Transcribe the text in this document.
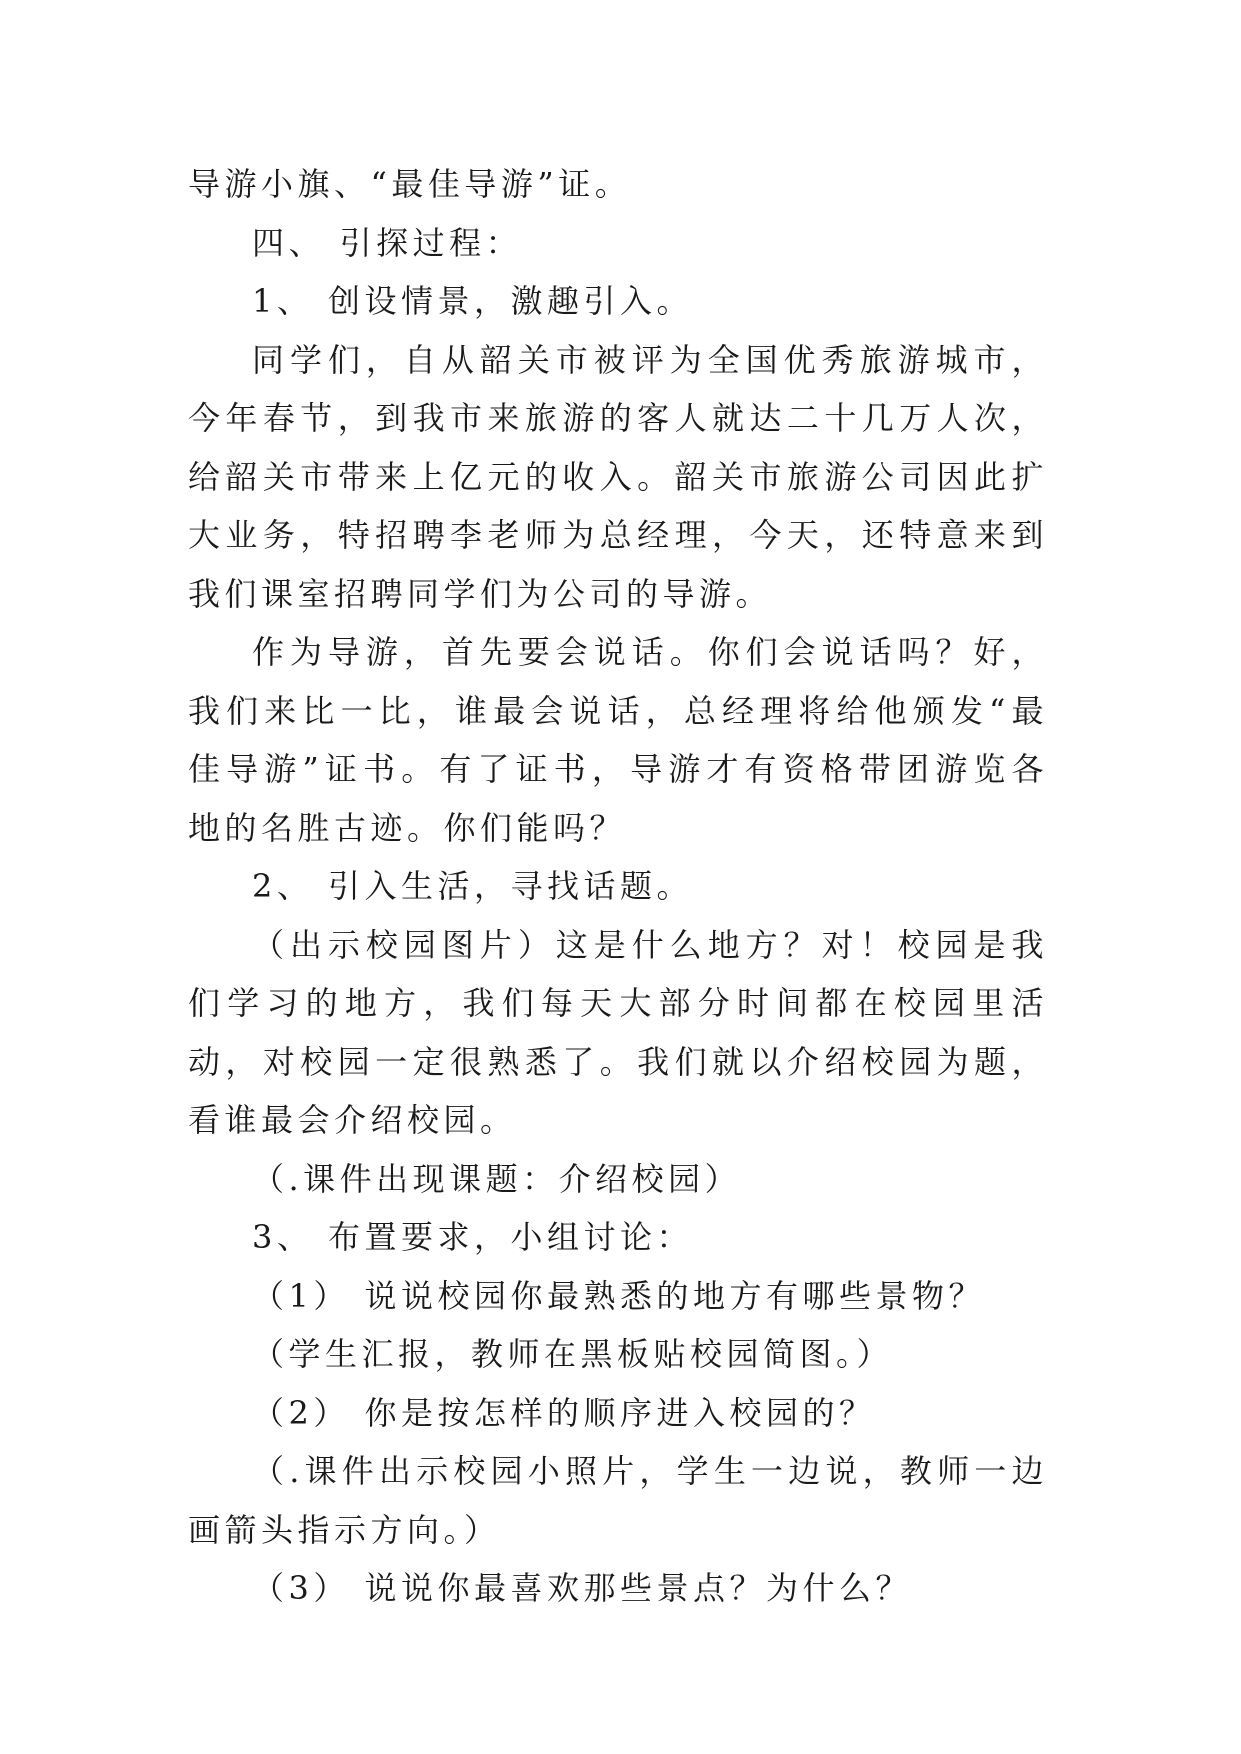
导游小旗、“最佳导游”证。

四、 引探过程：

1、 创设情景，激趣引入。

同学们，自从韶关市被评为全国优秀旅游城市，今年春节，到我市来旅游的客人就达二十几万人次，给韶关市带来上亿元的收入。韶关市旅游公司因此扩大业务，特招聘李老师为总经理，今天，还特意来到我们课室招聘同学们为公司的导游。

作为导游，首先要会说话。你们会说话吗？好，我们来比一比，谁最会说话，总经理将给他颁发“最佳导游”证书。有了证书，导游才有资格带团游览各地的名胜古迹。你们能吗？

2、 引入生活，寻找话题。

（出示校园图片）这是什么地方？对！校园是我们学习的地方，我们每天大部分时间都在校园里活动，对校园一定很熟悉了。我们就以介绍校园为题，看谁最会介绍校园。

（.课件出现课题：介绍校园）

3、 布置要求，小组讨论：

（1） 说说校园你最熟悉的地方有哪些景物？

（学生汇报，教师在黑板贴校园简图。）

（2） 你是按怎样的顺序进入校园的？

（.课件出示校园小照片，学生一边说，教师一边画箭头指示方向。）

（3） 说说你最喜欢那些景点？为什么？
